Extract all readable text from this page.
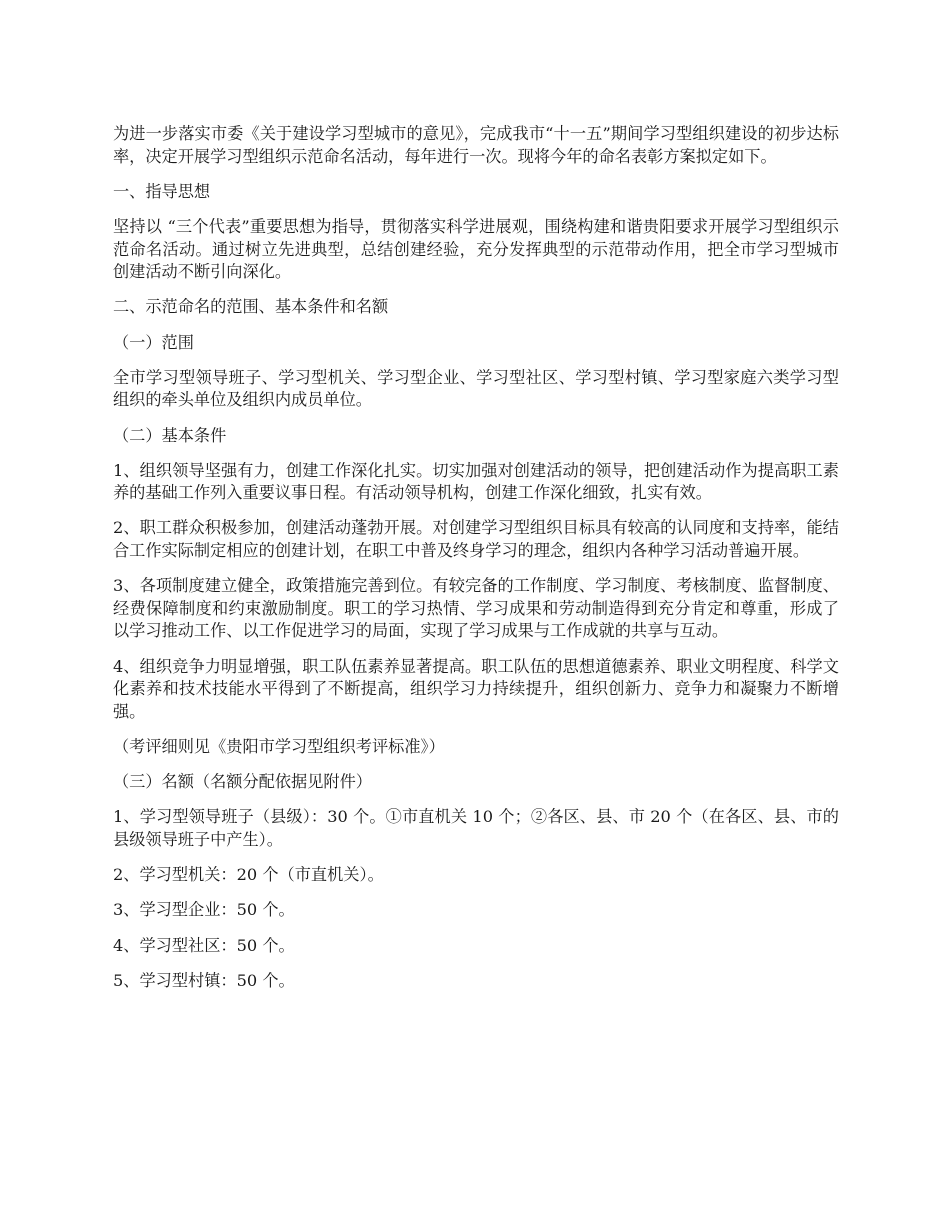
为进一步落实市委《关于建设学习型城市的意见》，完成我市“十一五”期间学习型组织建设的初步达标率，决定开展学习型组织示范命名活动，每年进行一次。现将今年的命名表彰方案拟定如下。

一、指导思想

坚持以 “三个代表”重要思想为指导，贯彻落实科学进展观，围绕构建和谐贵阳要求开展学习型组织示范命名活动。通过树立先进典型，总结创建经验，充分发挥典型的示范带动作用，把全市学习型城市创建活动不断引向深化。

二、示范命名的范围、基本条件和名额

（一）范围

全市学习型领导班子、学习型机关、学习型企业、学习型社区、学习型村镇、学习型家庭六类学习型组织的牵头单位及组织内成员单位。

（二）基本条件

1、组织领导坚强有力，创建工作深化扎实。切实加强对创建活动的领导，把创建活动作为提高职工素养的基础工作列入重要议事日程。有活动领导机构，创建工作深化细致，扎实有效。

2、职工群众积极参加，创建活动蓬勃开展。对创建学习型组织目标具有较高的认同度和支持率，能结合工作实际制定相应的创建计划，在职工中普及终身学习的理念，组织内各种学习活动普遍开展。

3、各项制度建立健全，政策措施完善到位。有较完备的工作制度、学习制度、考核制度、监督制度、经费保障制度和约束激励制度。职工的学习热情、学习成果和劳动制造得到充分肯定和尊重，形成了以学习推动工作、以工作促进学习的局面，实现了学习成果与工作成就的共享与互动。

4、组织竞争力明显增强，职工队伍素养显著提高。职工队伍的思想道德素养、职业文明程度、科学文化素养和技术技能水平得到了不断提高，组织学习力持续提升，组织创新力、竞争力和凝聚力不断增强。

（考评细则见《贵阳市学习型组织考评标准》）

（三）名额（名额分配依据见附件）

1、学习型领导班子（县级）：30 个。①市直机关 10 个；②各区、县、市 20 个（在各区、县、市的县级领导班子中产生）。

2、学习型机关：20 个（市直机关）。

3、学习型企业：50 个。

4、学习型社区：50 个。

5、学习型村镇：50 个。
